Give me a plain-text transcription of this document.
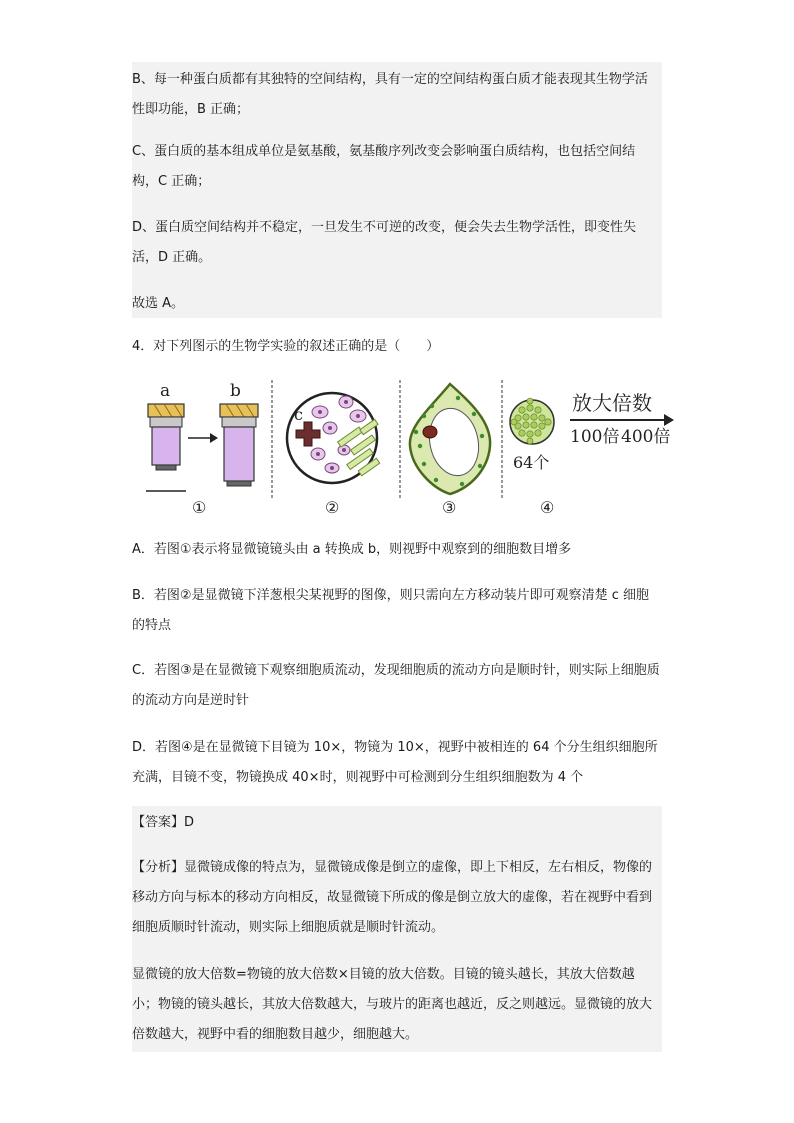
B、每一种蛋白质都有其独特的空间结构，具有一定的空间结构蛋白质才能表现其生物学活性即功能，B 正确；
C、蛋白质的基本组成单位是氨基酸，氨基酸序列改变会影响蛋白质结构，也包括空间结构，C 正确；
D、蛋白质空间结构并不稳定，一旦发生不可逆的改变，便会失去生物学活性，即变性失活，D 正确。
故选 A。
4．对下列图示的生物学实验的叙述正确的是（　　）
a	b
①
c
②	③
64个
放大倍数
100倍 400倍
④
A．若图①表示将显微镜镜头由 a 转换成 b，则视野中观察到的细胞数目增多
B．若图②是显微镜下洋葱根尖某视野的图像，则只需向左方移动装片即可观察清楚 c 细胞的特点
C．若图③是在显微镜下观察细胞质流动，发现细胞质的流动方向是顺时针，则实际上细胞质的流动方向是逆时针
D．若图④是在显微镜下目镜为 10×，物镜为 10×，视野中被相连的 64 个分生组织细胞所充满，目镜不变，物镜换成 40×时，则视野中可检测到分生组织细胞数为 4 个
【答案】D
【分析】显微镜成像的特点为，显微镜成像是倒立的虚像，即上下相反，左右相反，物像的移动方向与标本的移动方向相反，故显微镜下所成的像是倒立放大的虚像，若在视野中看到细胞质顺时针流动，则实际上细胞质就是顺时针流动。
显微镜的放大倍数=物镜的放大倍数×目镜的放大倍数。目镜的镜头越长，其放大倍数越小；物镜的镜头越长，其放大倍数越大，与玻片的距离也越近，反之则越远。显微镜的放大倍数越大，视野中看的细胞数目越少，细胞越大。
